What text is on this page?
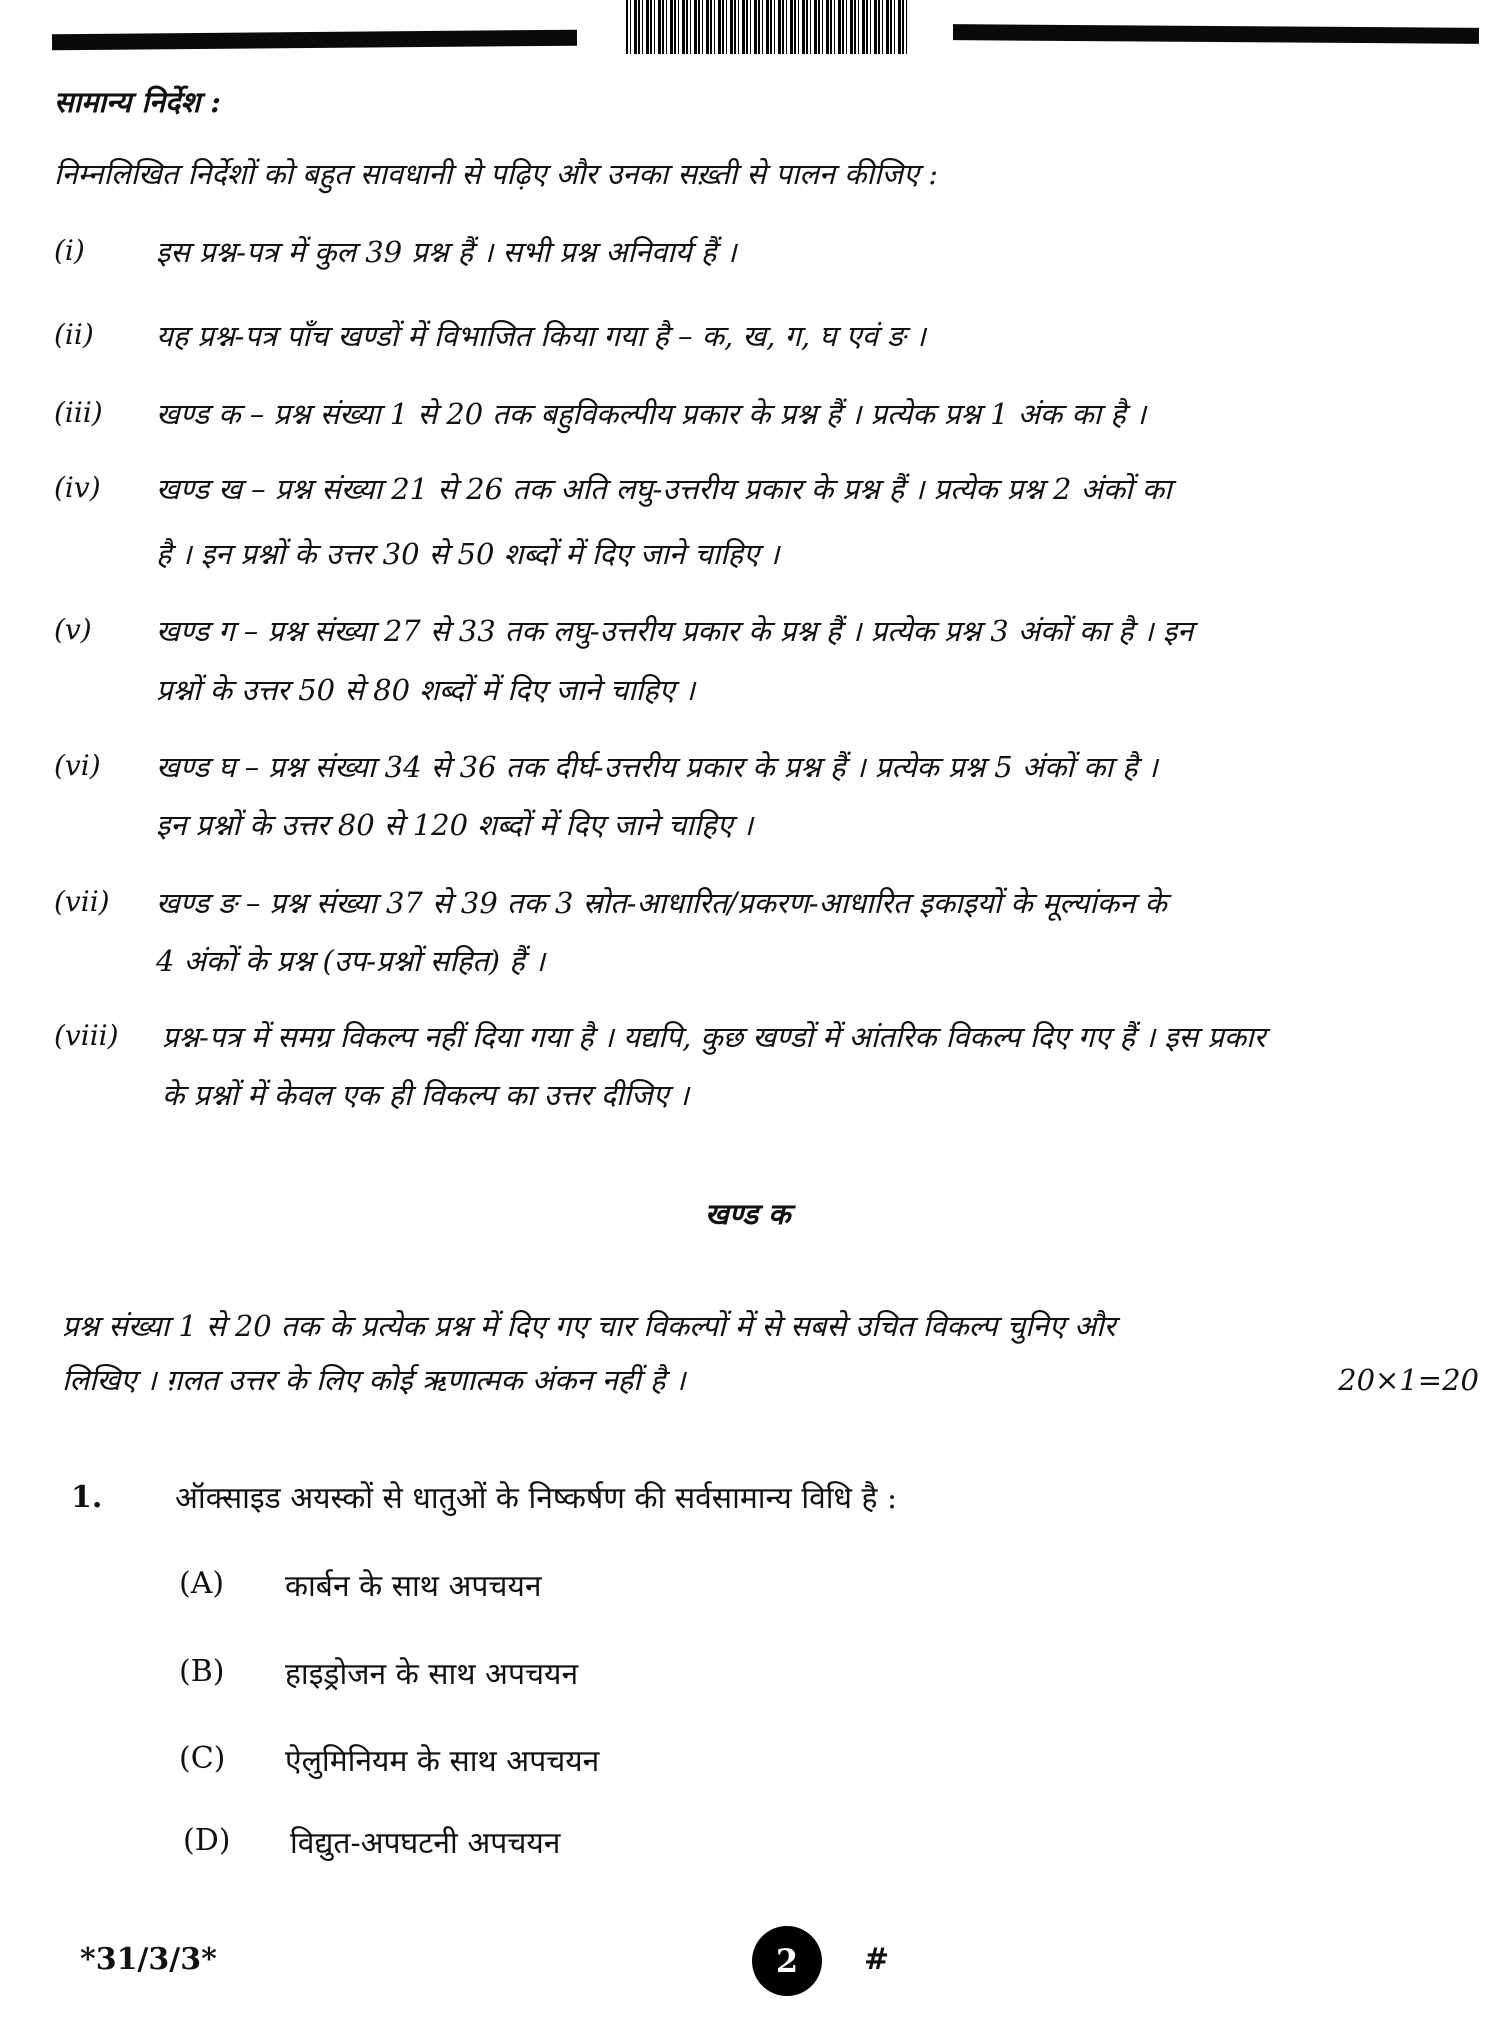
सामान्य निर्देश :
निम्नलिखित निर्देशों को बहुत सावधानी से पढ़िए और उनका सख़्ती से पालन कीजिए :
(i) इस प्रश्न-पत्र में कुल 39 प्रश्न हैं । सभी प्रश्न अनिवार्य हैं ।
(ii) यह प्रश्न-पत्र पाँच खण्डों में विभाजित किया गया है – क, ख, ग, घ एवं ङ ।
(iii) खण्ड क – प्रश्न संख्या 1 से 20 तक बहुविकल्पीय प्रकार के प्रश्न हैं । प्रत्येक प्रश्न 1 अंक का है ।
(iv) खण्ड ख – प्रश्न संख्या 21 से 26 तक अति लघु-उत्तरीय प्रकार के प्रश्न हैं । प्रत्येक प्रश्न 2 अंकों का
है । इन प्रश्नों के उत्तर 30 से 50 शब्दों में दिए जाने चाहिए ।
(v) खण्ड ग – प्रश्न संख्या 27 से 33 तक लघु-उत्तरीय प्रकार के प्रश्न हैं । प्रत्येक प्रश्न 3 अंकों का है । इन
प्रश्नों के उत्तर 50 से 80 शब्दों में दिए जाने चाहिए ।
(vi) खण्ड घ – प्रश्न संख्या 34 से 36 तक दीर्घ-उत्तरीय प्रकार के प्रश्न हैं । प्रत्येक प्रश्न 5 अंकों का है ।
इन प्रश्नों के उत्तर 80 से 120 शब्दों में दिए जाने चाहिए ।
(vii) खण्ड ङ – प्रश्न संख्या 37 से 39 तक 3 स्रोत-आधारित/प्रकरण-आधारित इकाइयों के मूल्यांकन के
4 अंकों के प्रश्न (उप-प्रश्नों सहित) हैं ।
(viii) प्रश्न-पत्र में समग्र विकल्प नहीं दिया गया है । यद्यपि, कुछ खण्डों में आंतरिक विकल्प दिए गए हैं । इस प्रकार
के प्रश्नों में केवल एक ही विकल्प का उत्तर दीजिए ।
खण्ड क
प्रश्न संख्या 1 से 20 तक के प्रत्येक प्रश्न में दिए गए चार विकल्पों में से सबसे उचित विकल्प चुनिए और
लिखिए । ग़लत उत्तर के लिए कोई ऋणात्मक अंकन नहीं है ।	20×1=20
1. ऑक्साइड अयस्कों से धातुओं के निष्कर्षण की सर्वसामान्य विधि है :
(A) कार्बन के साथ अपचयन
(B) हाइड्रोजन के साथ अपचयन
(C) ऐलुमिनियम के साथ अपचयन
(D) विद्युत-अपघटनी अपचयन
*31/3/3*	2	#
